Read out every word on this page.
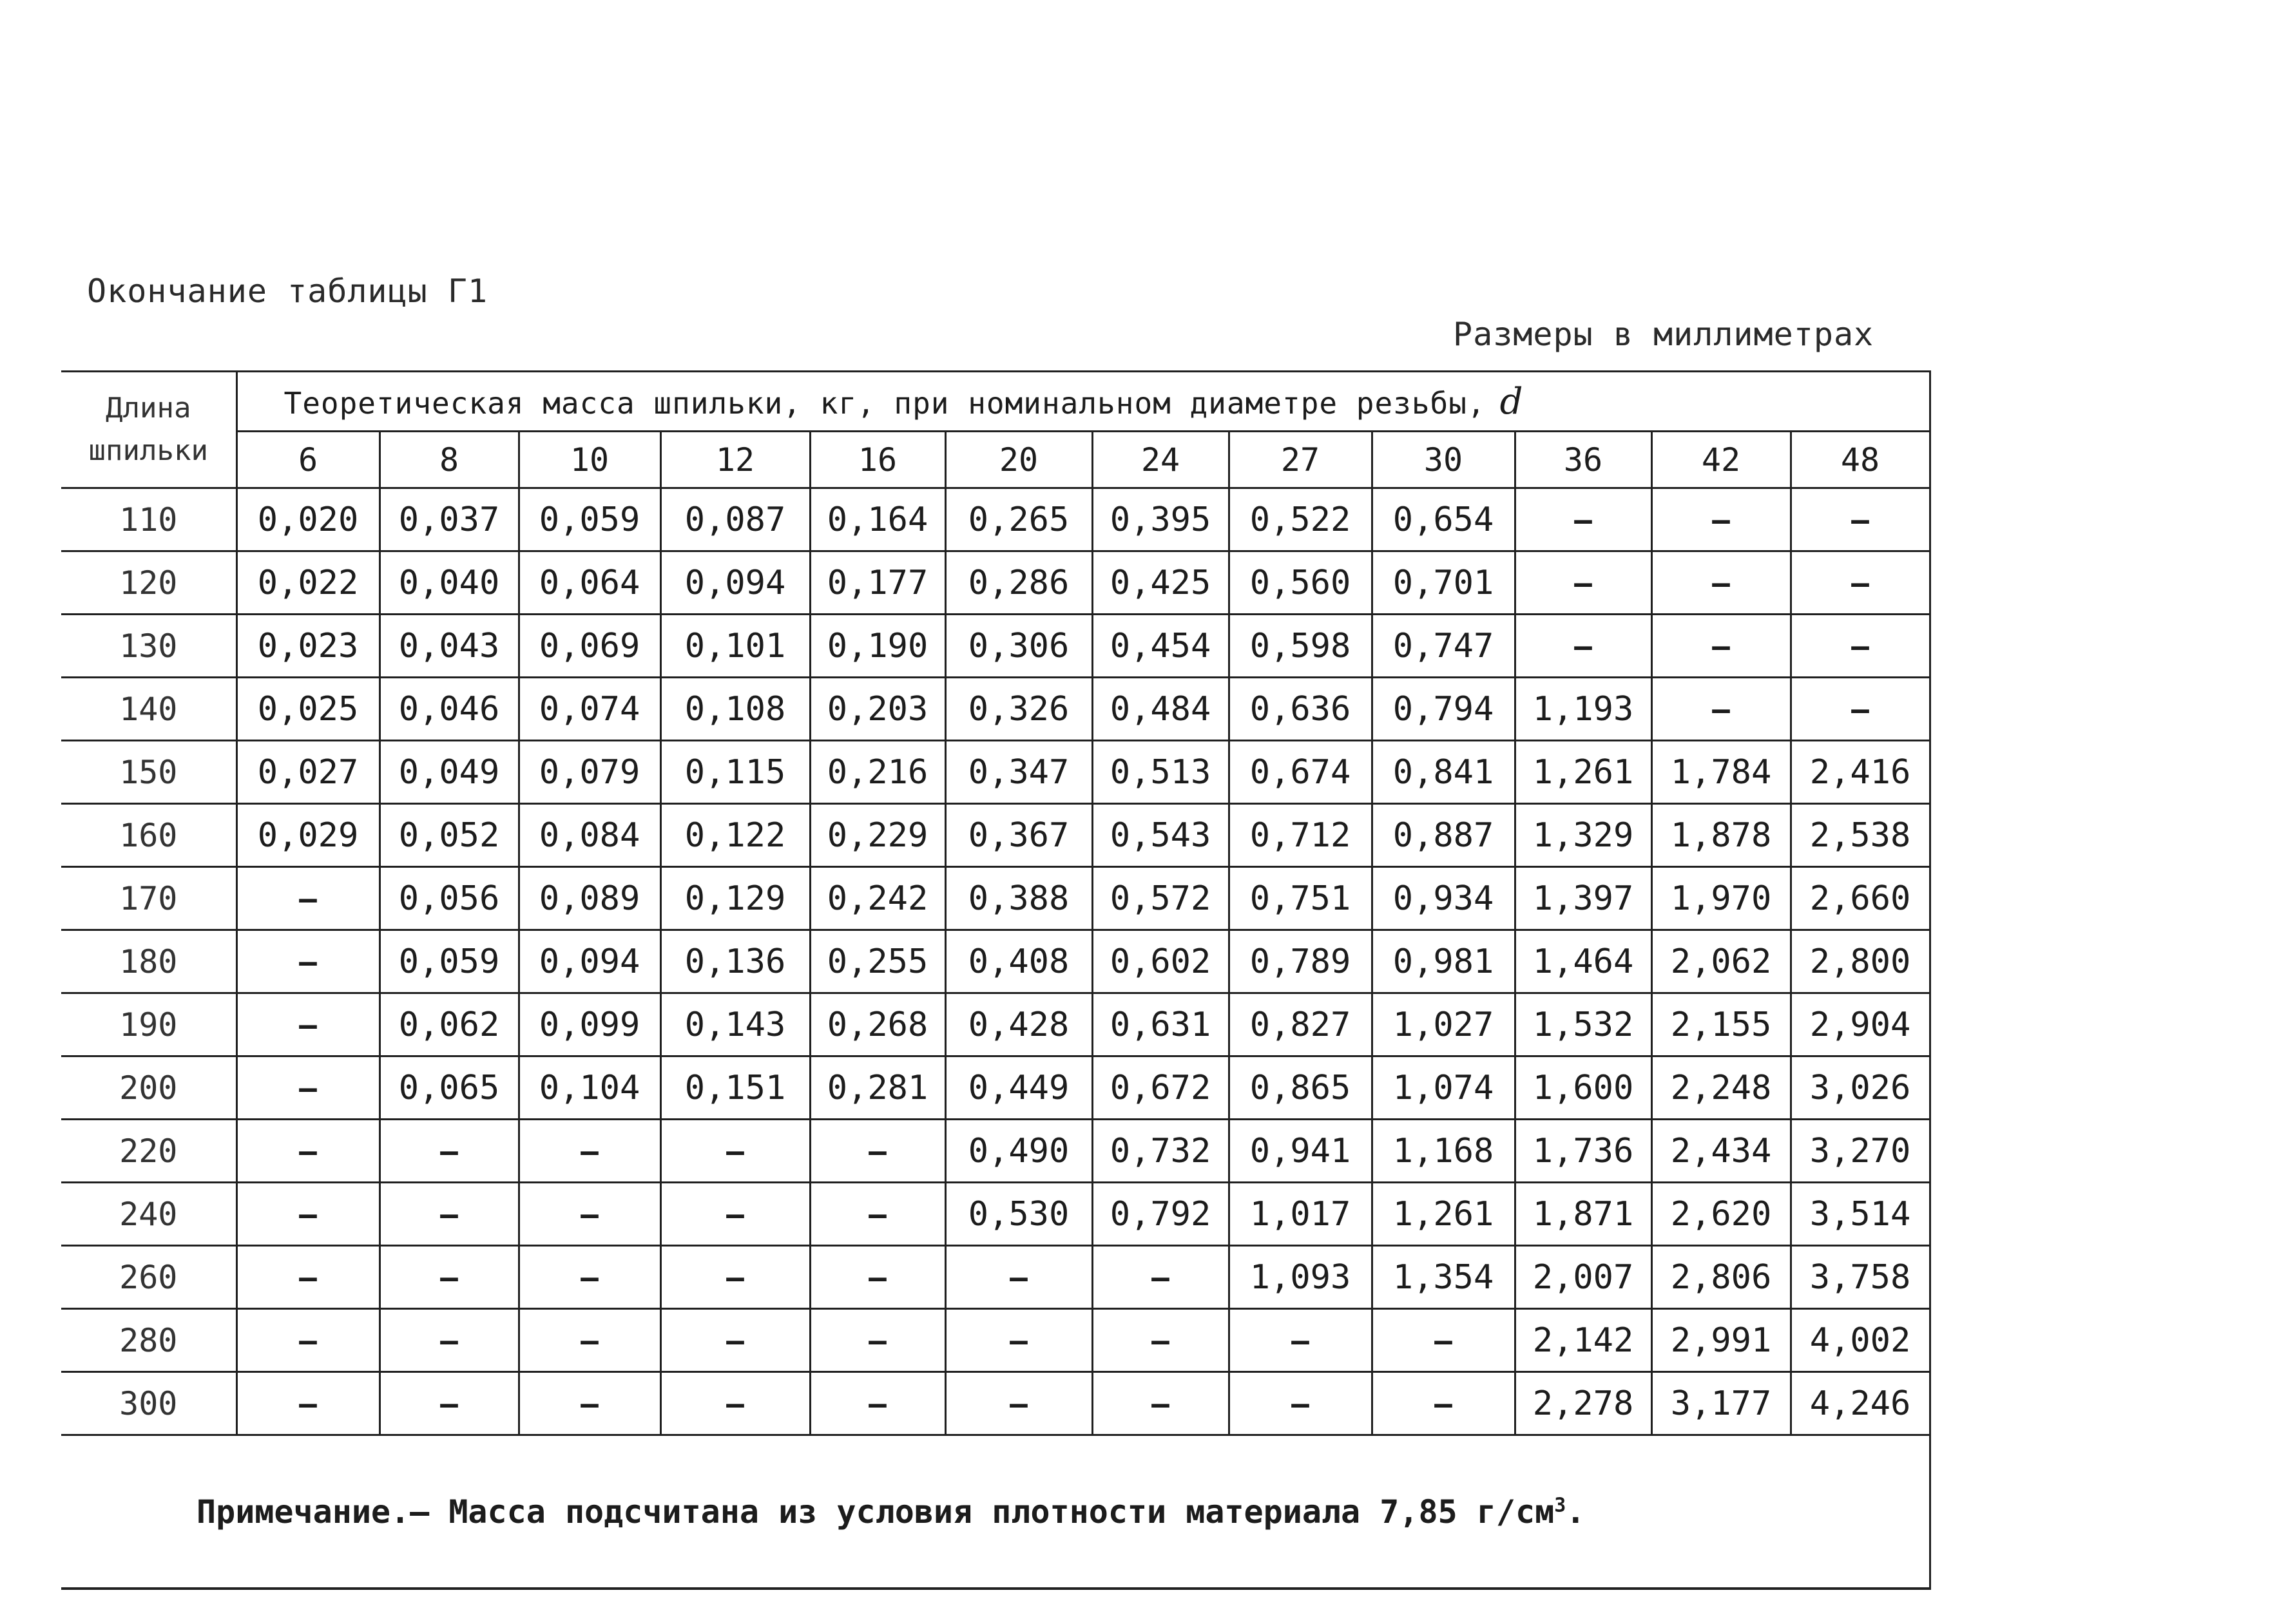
Окончание таблицы Г1
Размеры в миллиметрах
Длина
шпильки	Теоретическая масса шпильки, кг, при номинальном диаметре резьбы, d											
	6	8	10	12	16	20	24	27	30	36	42	48
110	0,020	0,037	0,059	0,087	0,164	0,265	0,395	0,522	0,654	—	—	—
120	0,022	0,040	0,064	0,094	0,177	0,286	0,425	0,560	0,701	—	—	—
130	0,023	0,043	0,069	0,101	0,190	0,306	0,454	0,598	0,747	—	—	—
140	0,025	0,046	0,074	0,108	0,203	0,326	0,484	0,636	0,794	1,193	—	—
150	0,027	0,049	0,079	0,115	0,216	0,347	0,513	0,674	0,841	1,261	1,784	2,416
160	0,029	0,052	0,084	0,122	0,229	0,367	0,543	0,712	0,887	1,329	1,878	2,538
170	—	0,056	0,089	0,129	0,242	0,388	0,572	0,751	0,934	1,397	1,970	2,660
180	—	0,059	0,094	0,136	0,255	0,408	0,602	0,789	0,981	1,464	2,062	2,800
190	—	0,062	0,099	0,143	0,268	0,428	0,631	0,827	1,027	1,532	2,155	2,904
200	—	0,065	0,104	0,151	0,281	0,449	0,672	0,865	1,074	1,600	2,248	3,026
220	—	—	—	—	—	0,490	0,732	0,941	1,168	1,736	2,434	3,270
240	—	—	—	—	—	0,530	0,792	1,017	1,261	1,871	2,620	3,514
260	—	—	—	—	—	—	—	1,093	1,354	2,007	2,806	3,758
280	—	—	—	—	—	—	—	—	—	2,142	2,991	4,002
300	—	—	—	—	—	—	—	—	—	2,278	3,177	4,246
Примечание.— Масса подсчитана из условия плотности материала 7,85 $г/см^3$.												
